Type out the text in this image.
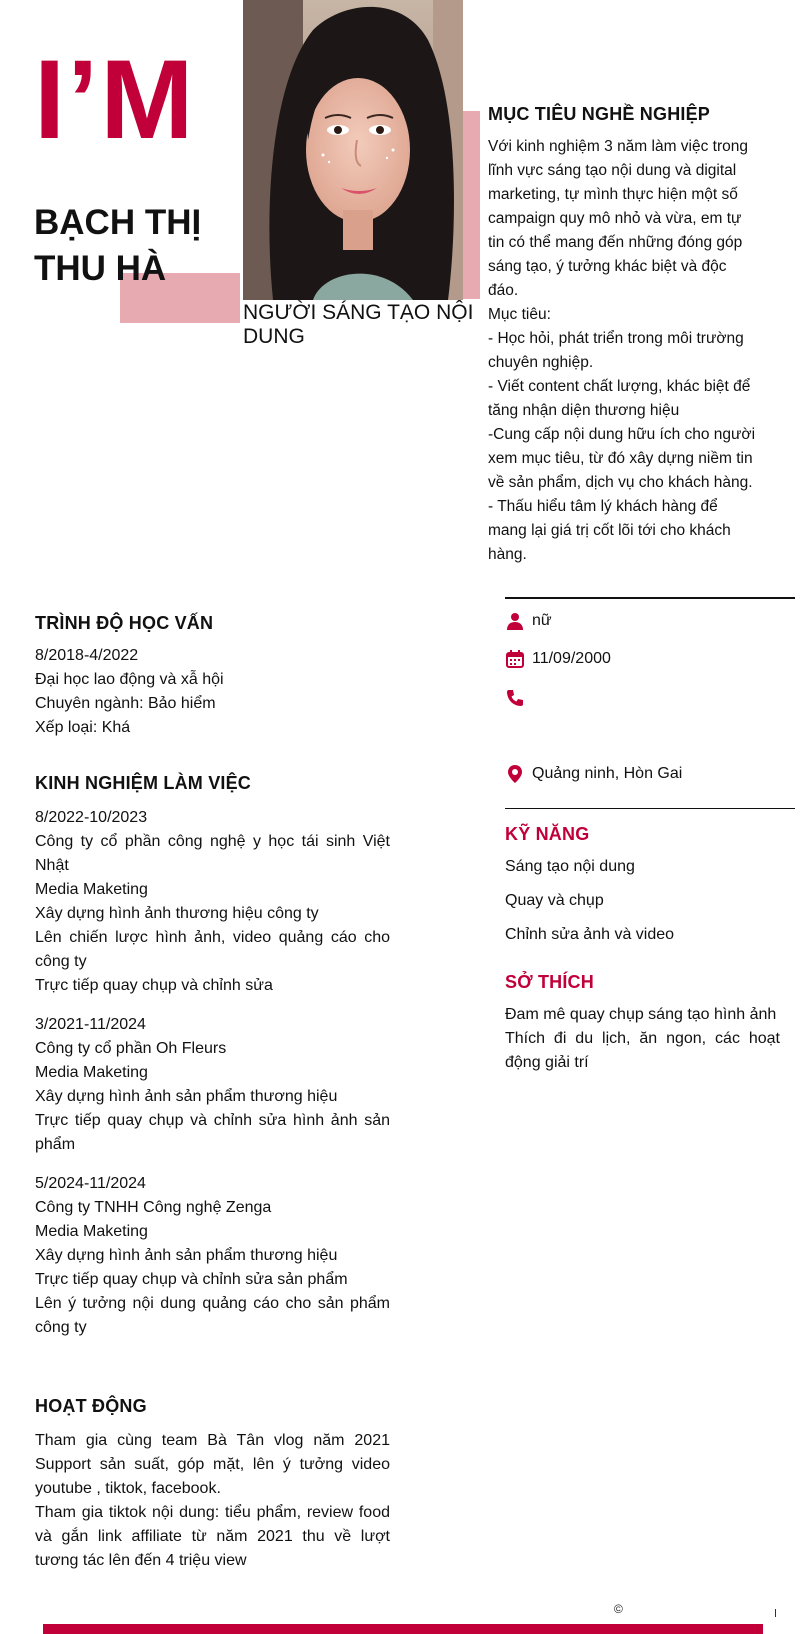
I’M
BẠCH THỊ
THU HÀ
NGƯỜI SÁNG TẠO NỘI DUNG
MỤC TIÊU NGHỀ NGHIỆP

Với kinh nghiệm 3 năm làm việc trong lĩnh vực sáng tạo nội dung và digital marketing, tự mình thực hiện một số campaign quy mô nhỏ và vừa, em tự tin có thể mang đến những đóng góp sáng tạo, ý tưởng khác biệt và độc đáo.

Mục tiêu:

- Học hỏi, phát triển trong môi trường chuyên nghiệp.

- Viết content chất lượng, khác biệt để tăng nhận diện thương hiệu

-Cung cấp nội dung hữu ích cho người xem mục tiêu, từ đó xây dựng niềm tin về sản phẩm, dịch vụ cho khách hàng.

- Thấu hiểu tâm lý khách hàng để mang lại giá trị cốt lõi tới cho khách hàng.

TRÌNH ĐỘ HỌC VẤN

8/2018-4/2022

Đại học lao động và xẫ hội

Chuyên ngành: Bảo hiểm

Xếp loại: Khá

KINH NGHIỆM LÀM VIỆC

8/2022-10/2023

Công ty cổ phần công nghệ y học tái sinh Việt Nhật

Media Maketing

Xây dựng hình ảnh thương hiệu công ty

Lên chiến lược hình ảnh, video quảng cáo cho công ty

Trực tiếp quay chụp và chỉnh sửa

3/2021-11/2024

Công ty cổ phần Oh Fleurs

Media Maketing

Xây dựng hình ảnh sản phẩm thương hiệu

Trực tiếp quay chụp và chỉnh sửa hình ảnh sản phẩm

5/2024-11/2024

Công ty TNHH Công nghệ Zenga

Media Maketing

Xây dựng hình ảnh sản phẩm thương hiệu

Trực tiếp quay chụp và chỉnh sửa sản phẩm

Lên ý tưởng nội dung quảng cáo cho sản phẩm công ty

HOẠT ĐỘNG

Tham gia cùng team Bà Tân vlog năm 2021 Support sản suất, góp mặt, lên ý tưởng video youtube , tiktok, facebook.

Tham gia tiktok nội dung: tiểu phẩm, review food và gắn link affiliate từ năm 2021 thu về lượt tương tác lên đến 4 triệu view

nữ
11/09/2000
Quảng ninh, Hòn Gai
KỸ NĂNG

Sáng tạo nội dung

Quay và chụp

Chỉnh sửa ảnh và video

SỞ THÍCH

Đam mê quay chụp sáng tạo hình ảnh

Thích đi du lịch, ăn ngon, các hoạt động giải trí

©
